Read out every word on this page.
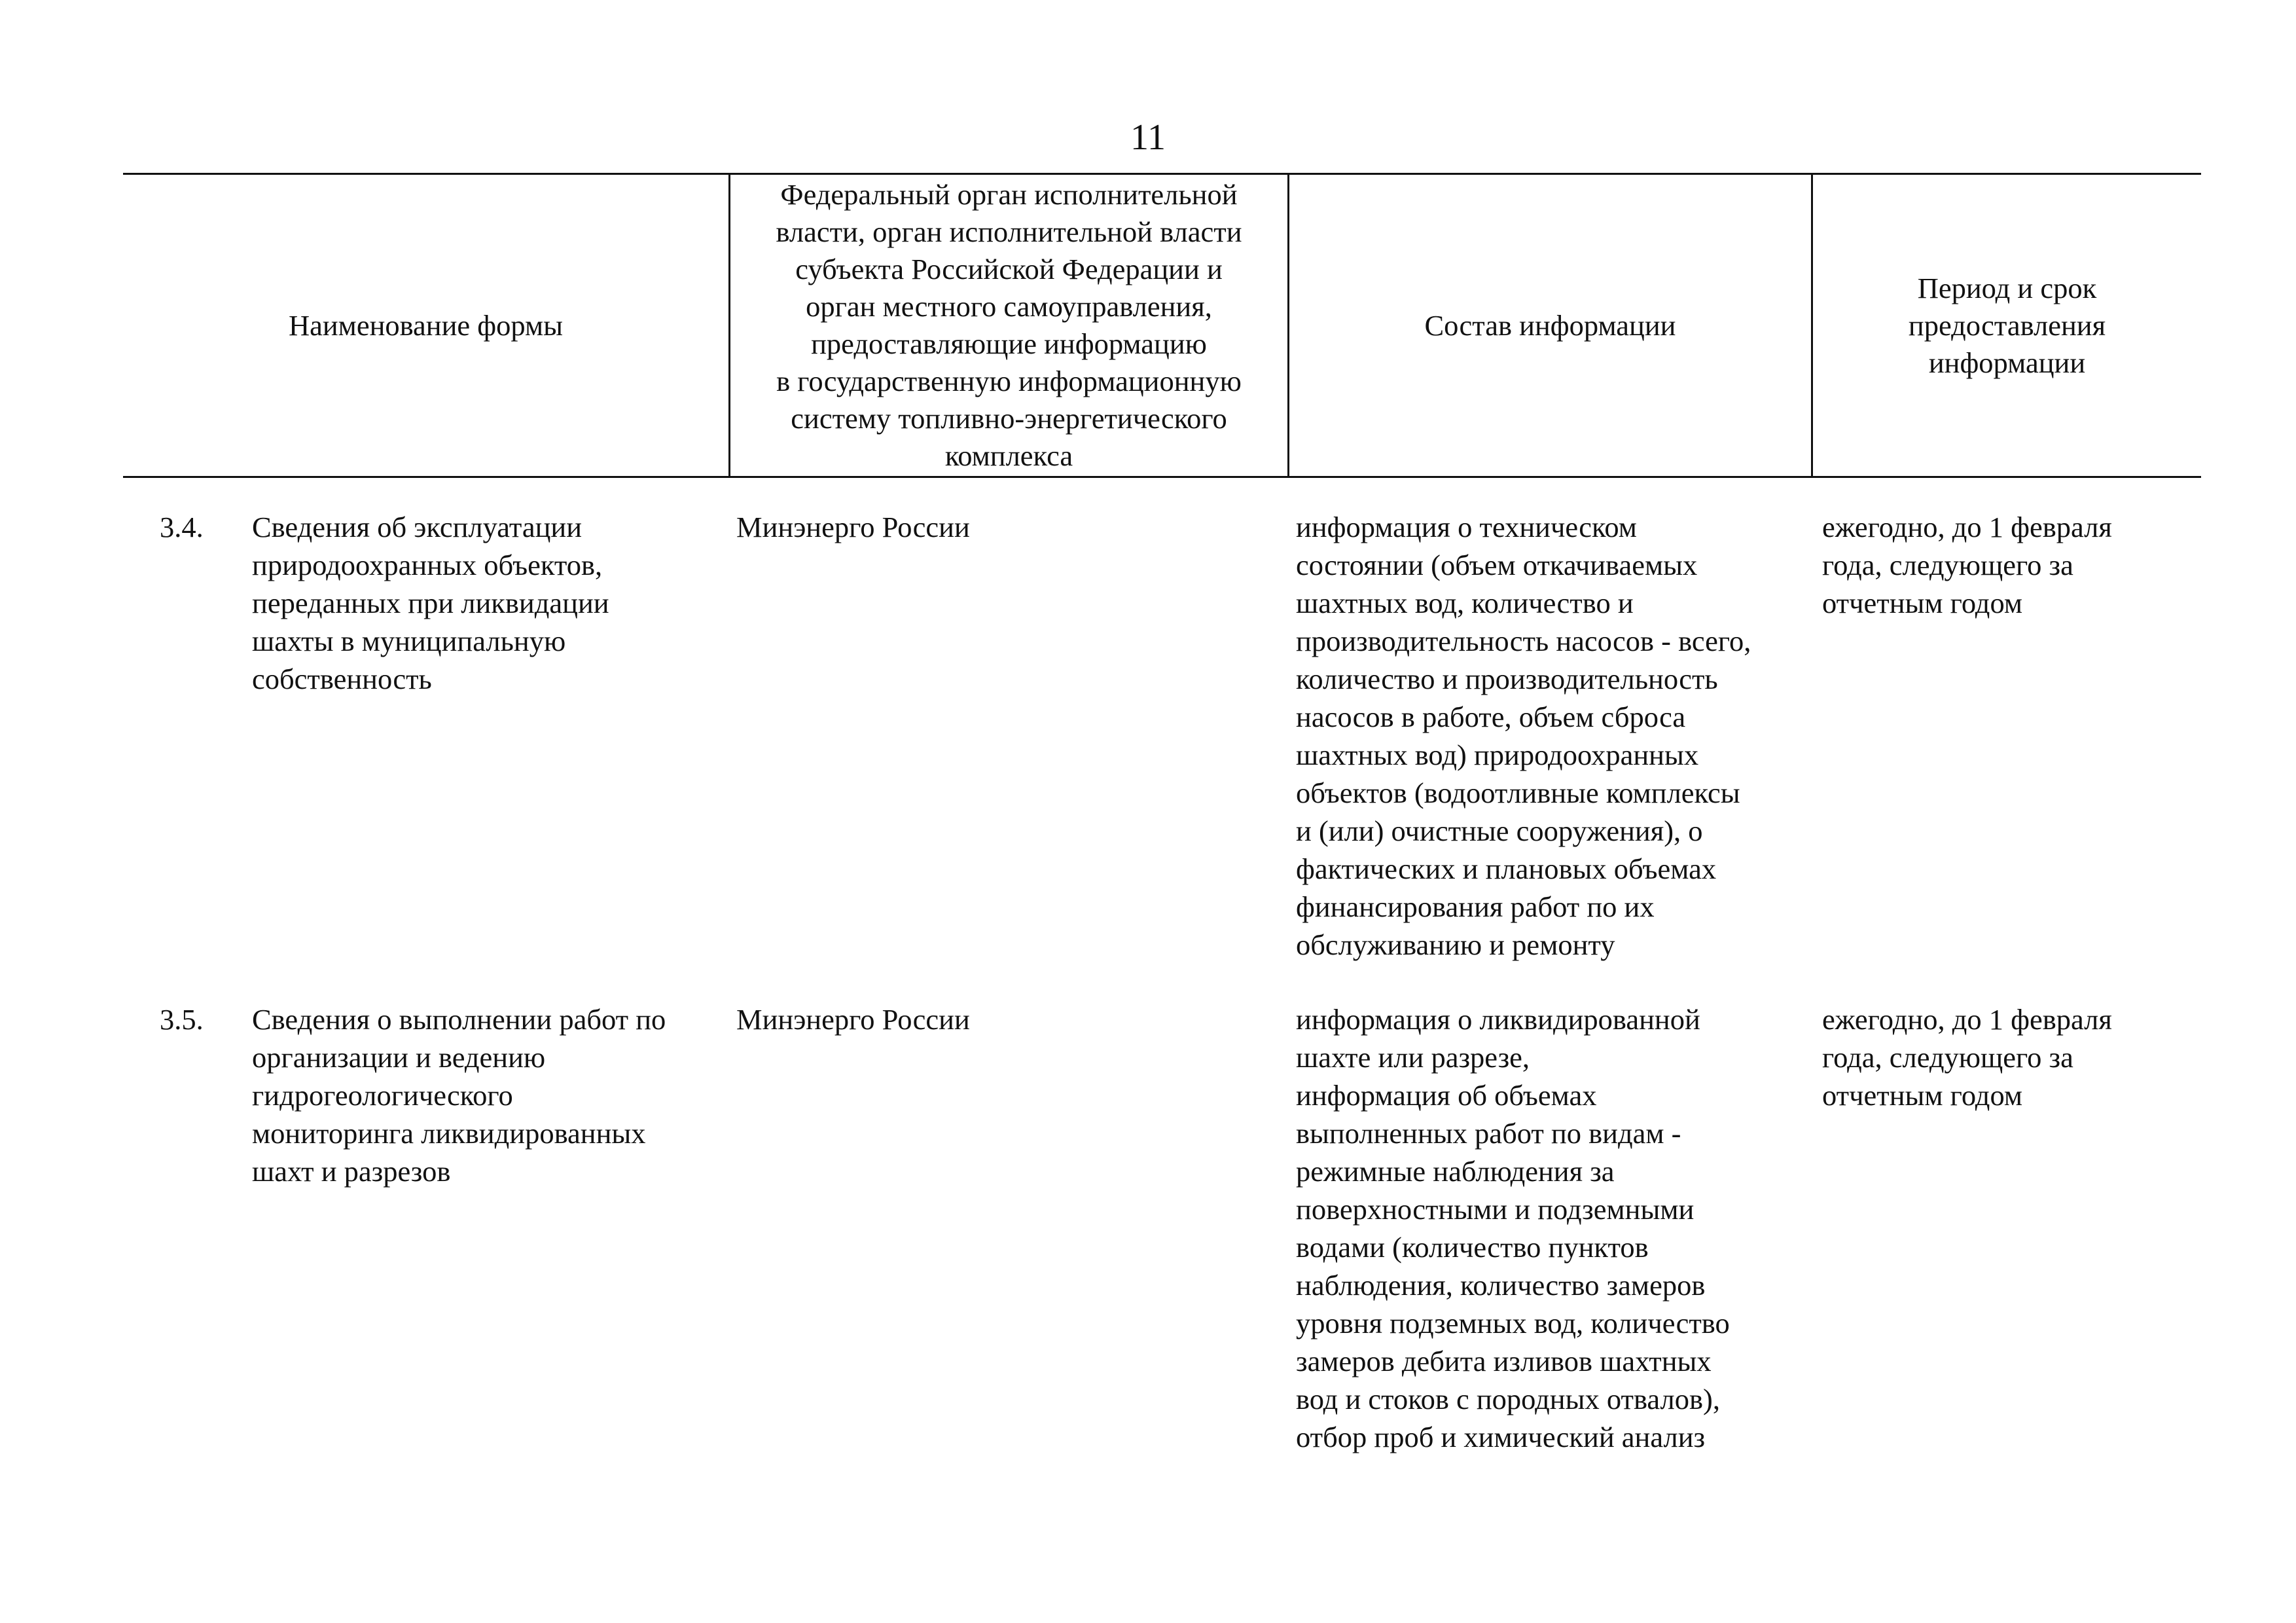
11
Наименование формы
Федеральный орган исполнительной
власти, орган исполнительной власти
субъекта Российской Федерации и
орган местного самоуправления,
предоставляющие информацию
в государственную информационную
систему топливно-энергетического
комплекса
Состав информации
Период и срок
предоставления
информации
3.4. Сведения об эксплуатации
природоохранных объектов,
переданных при ликвидации
шахты в муниципальную
собственность
Минэнерго России	информация о техническом
состоянии (объем откачиваемых
шахтных вод, количество и
производительность насосов - всего,
количество и производительность
насосов в работе, объем сброса
шахтных вод) природоохранных
объектов (водоотливные комплексы
и (или) очистные сооружения), о
фактических и плановых объемах
финансирования работ по их
обслуживанию и ремонту
ежегодно, до 1 февраля
года, следующего за
отчетным годом
3.5. Сведения о выполнении работ по
организации и ведению
гидрогеологического
мониторинга ликвидированных
шахт и разрезов
Минэнерго России	информация о ликвидированной
шахте или разрезе,
информация об объемах
выполненных работ по видам -
режимные наблюдения за
поверхностными и подземными
водами (количество пунктов
наблюдения, количество замеров
уровня подземных вод, количество
замеров дебита изливов шахтных
вод и стоков с породных отвалов),
отбор проб и химический анализ
ежегодно, до 1 февраля
года, следующего за
отчетным годом
